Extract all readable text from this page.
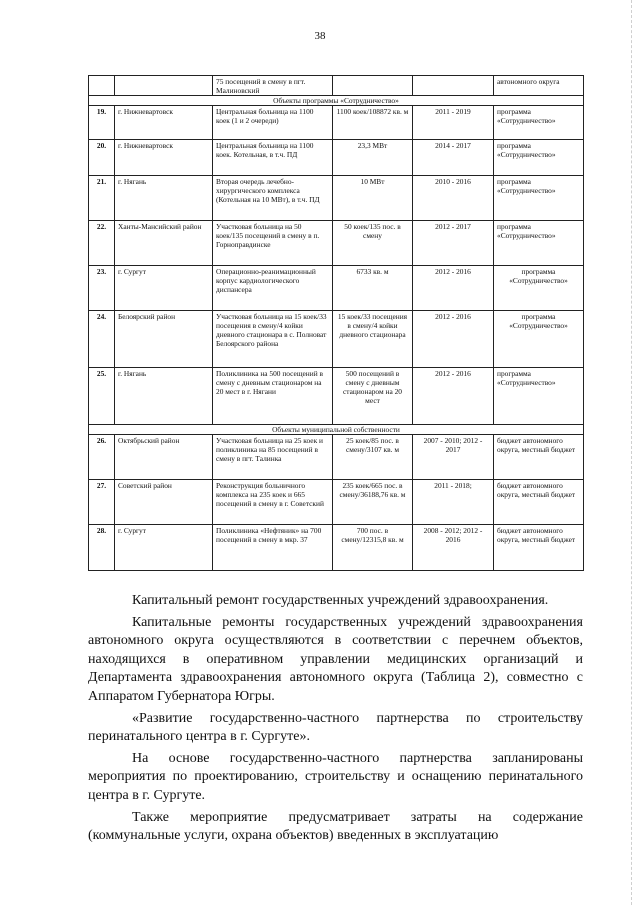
38
		75 посещений в смену в пгт. Малиновский			автономного округа
Объекты программы «Сотрудничество»					
19.	г. Нижневартовск	Центральная больница на 1100 коек (1 и 2 очереди)	1100 коек/108872 кв. м	2011 - 2019	программа «Сотрудничество»
20.	г. Нижневартовск	Центральная больница на 1100 коек. Котельная, в т.ч. ПД	23,3 МВт	2014 - 2017	программа «Сотрудничество»
21.	г. Нягань	Вторая очередь лечебно-хирургического комплекса (Котельная на 10 МВт), в т.ч. ПД	10 МВт	2010 - 2016	программа «Сотрудничество»
22.	Ханты-Мансийский район	Участковая больница на 50 коек/135 посещений в смену в п. Горноправдинске	50 коек/135 пос. в смену	2012 - 2017	программа «Сотрудничество»
23.	г. Сургут	Операционно-реанимационный корпус кардиологического диспансера	6733 кв. м	2012 - 2016	программа «Сотрудничество»
24.	Белоярский район	Участковая больница на 15 коек/33 посещения в смену/4 койки дневного стационара в с. Полноват Белоярского района	15 коек/33 посещения в смену/4 койки дневного стационара	2012 - 2016	программа «Сотрудничество»
25.	г. Нягань	Поликлиника на 500 посещений в смену с дневным стационаром на 20 мест в г. Нягани	500 посещений в смену с дневным стационаром на 20 мест	2012 - 2016	программа «Сотрудничество»
Объекты муниципальной собственности					
26.	Октябрьский район	Участковая больница на 25 коек и поликлиника на 85 посещений в смену в пгт. Талинка	25 коек/85 пос. в смену/3107 кв. м	2007 - 2010; 2012 - 2017	бюджет автономного округа, местный бюджет
27.	Советский район	Реконструкция больничного комплекса на 235 коек и 665 посещений в смену в г. Советский	235 коек/665 пос. в смену/36188,76 кв. м	2011 - 2018;	бюджет автономного округа, местный бюджет
28.	г. Сургут	Поликлиника «Нефтяник» на 700 посещений в смену в мкр. 37	700 пос. в смену/12315,8 кв. м	2008 - 2012; 2012 - 2016	бюджет автономного округа, местный бюджет

Капитальный ремонт государственных учреждений здравоохранения.

Капитальные ремонты государственных учреждений здравоохранения автономного округа осуществляются в соответствии с перечнем объектов, находящихся в оперативном управлении медицинских организаций и Департамента здравоохранения автономного округа (Таблица 2), совместно с Аппаратом Губернатора Югры.

«Развитие государственно-частного партнерства по строительству перинатального центра в г. Сургуте».

На основе государственно-частного партнерства запланированы мероприятия по проектированию, строительству и оснащению перинатального центра в г. Сургуте.

Также мероприятие предусматривает затраты на содержание (коммунальные услуги, охрана объектов) введенных в эксплуатацию
